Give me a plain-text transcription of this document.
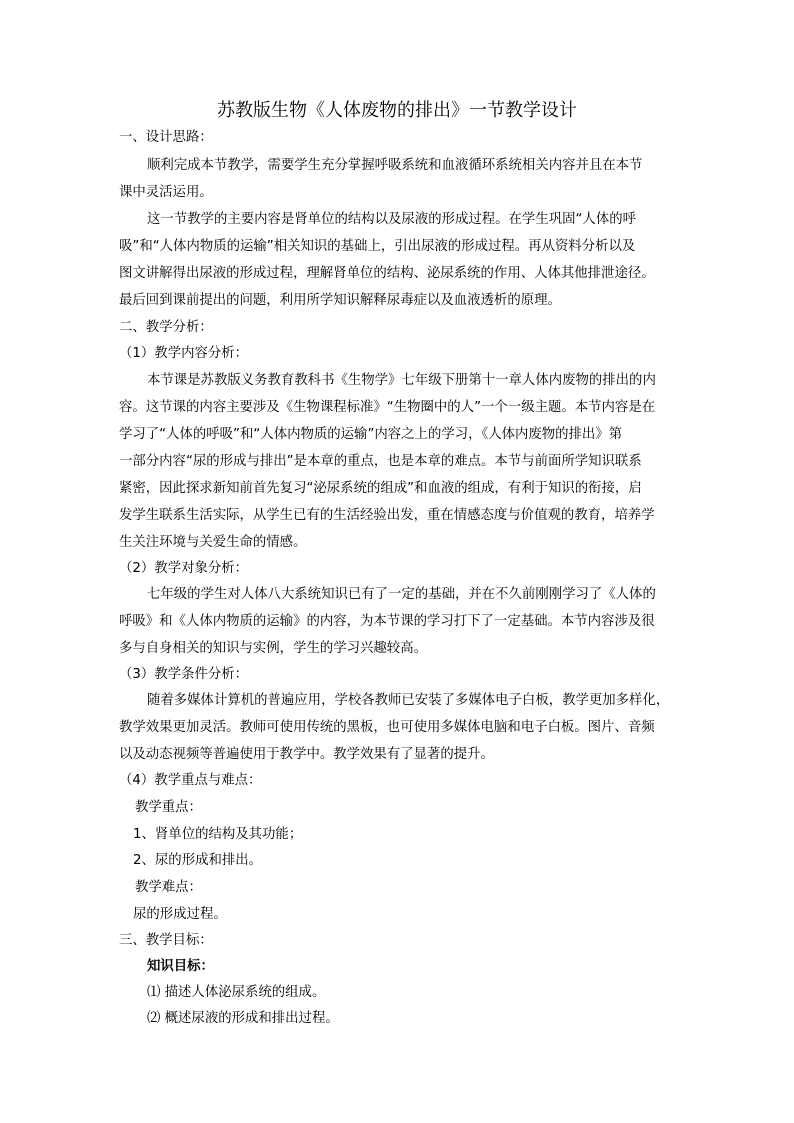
苏教版生物《人体废物的排出》一节教学设计
一、设计思路：
顺利完成本节教学，需要学生充分掌握呼吸系统和血液循环系统相关内容并且在本节
课中灵活运用。
这一节教学的主要内容是肾单位的结构以及尿液的形成过程。在学生巩固“人体的呼
吸”和“人体内物质的运输”相关知识的基础上，引出尿液的形成过程。再从资料分析以及
图文讲解得出尿液的形成过程，理解肾单位的结构、泌尿系统的作用、人体其他排泄途径。
最后回到课前提出的问题，利用所学知识解释尿毒症以及血液透析的原理。
二、教学分析：
（1）教学内容分析：
本节课是苏教版义务教育教科书《生物学》七年级下册第十一章人体内废物的排出的内
容。这节课的内容主要涉及《生物课程标准》“生物圈中的人”一个一级主题。本节内容是在
学习了“人体的呼吸”和“人体内物质的运输”内容之上的学习，《人体内废物的排出》第
一部分内容“尿的形成与排出”是本章的重点，也是本章的难点。本节与前面所学知识联系
紧密，因此探求新知前首先复习“泌尿系统的组成”和血液的组成，有利于知识的衔接，启
发学生联系生活实际，从学生已有的生活经验出发，重在情感态度与价值观的教育，培养学
生关注环境与关爱生命的情感。
（2）教学对象分析：
七年级的学生对人体八大系统知识已有了一定的基础，并在不久前刚刚学习了《人体的
呼吸》和《人体内物质的运输》的内容，为本节课的学习打下了一定基础。本节内容涉及很
多与自身相关的知识与实例，学生的学习兴趣较高。
（3）教学条件分析：
随着多媒体计算机的普遍应用，学校各教师已安装了多媒体电子白板，教学更加多样化，
教学效果更加灵活。教师可使用传统的黑板，也可使用多媒体电脑和电子白板。图片、音频
以及动态视频等普遍使用于教学中。教学效果有了显著的提升。
（4）教学重点与难点：
教学重点：
1、肾单位的结构及其功能；
2、尿的形成和排出。
教学难点：
尿的形成过程。
三、教学目标：
知识目标：
⑴ 描述人体泌尿系统的组成。
⑵ 概述尿液的形成和排出过程。
